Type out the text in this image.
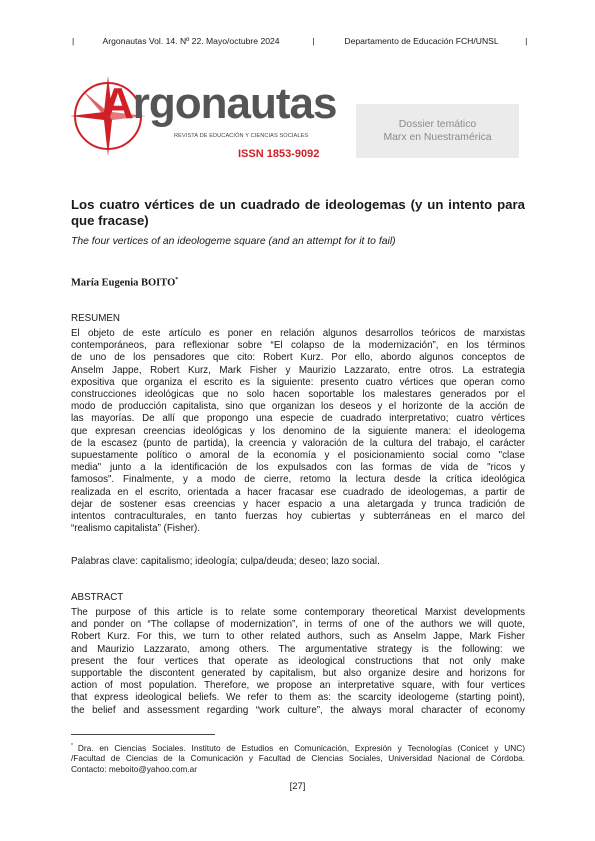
|	Argonautas Vol. 14. Nº 22. Mayo/octubre 2024	|	Departamento de Educación FCH/UNSL	|
Argonautas
REVISTA DE EDUCACIÓN Y CIENCIAS SOCIALES
ISSN 1853-9092
Dossier temático
Marx en Nuestramérica
Los cuatro vértices de un cuadrado de ideologemas (y un intento para que fracase)
The four vertices of an ideologeme square (and an attempt for it to fail)
María Eugenia BOITO*
RESUMEN
El objeto de este artículo es poner en relación algunos desarrollos teóricos de marxistas
contemporáneos, para reflexionar sobre “El colapso de la modernización”, en los términos
de uno de los pensadores que cito: Robert Kurz. Por ello, abordo algunos conceptos de
Anselm Jappe, Robert Kurz, Mark Fisher y Maurizio Lazzarato, entre otros. La estrategia
expositiva que organiza el escrito es la siguiente: presento cuatro vértices que operan como
construcciones ideológicas que no solo hacen soportable los malestares generados por el
modo de producción capitalista, sino que organizan los deseos y el horizonte de la acción de
las mayorías. De allí que propongo una especie de cuadrado interpretativo; cuatro vértices
que expresan creencias ideológicas y los denomino de la siguiente manera: el ideologema
de la escasez (punto de partida), la creencia y valoración de la cultura del trabajo, el carácter
supuestamente político o amoral de la economía y el posicionamiento social como "clase
media" junto a la identificación de los expulsados con las formas de vida de "ricos y
famosos". Finalmente, y a modo de cierre, retomo la lectura desde la crítica ideológica
realizada en el escrito, orientada a hacer fracasar ese cuadrado de ideologemas, a partir de
dejar de sostener esas creencias y hacer espacio a una aletargada y trunca tradición de
intentos contraculturales, en tanto fuerzas hoy cubiertas y subterráneas en el marco del
“realismo capitalista” (Fisher).
Palabras clave: capitalismo; ideología; culpa/deuda; deseo; lazo social.
ABSTRACT
The purpose of this article is to relate some contemporary theoretical Marxist developments
and ponder on “The collapse of modernization”, in terms of one of the authors we will quote,
Robert Kurz. For this, we turn to other related authors, such as Anselm Jappe, Mark Fisher
and Maurizio Lazzarato, among others. The argumentative strategy is the following: we
present the four vertices that operate as ideological constructions that not only make
supportable the discontent generated by capitalism, but also organize desire and horizons for
action of most population. Therefore, we propose an interpretative square, with four vertices
that express ideological beliefs. We refer to them as: the scarcity ideologeme (starting point),
the belief and assessment regarding “work culture”, the always moral character of economy
* Dra. en Ciencias Sociales. Instituto de Estudios en Comunicación, Expresión y Tecnologías (Conicet y UNC)
/Facultad de Ciencias de la Comunicación y Facultad de Ciencias Sociales, Universidad Nacional de Córdoba.
Contacto: meboito@yahoo.com.ar
[27]
